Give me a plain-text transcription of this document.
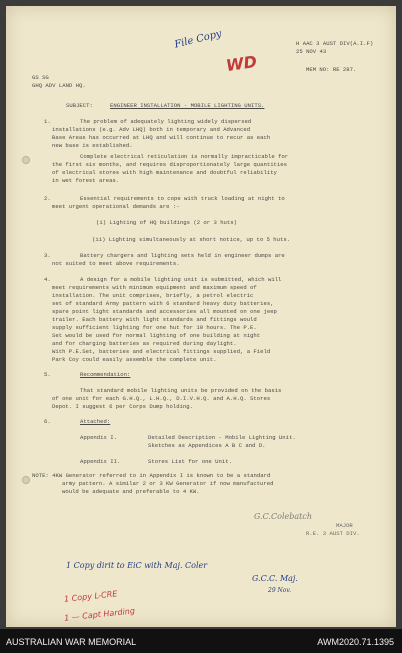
File Copy
WD
H AAC 3 AUST DIV(A.I.F)
25 NOV 43
MEM NO: RE 287.
GS SG
GHQ ADV LAND HQ.
SUBJECT:	ENGINEER INSTALLATION - MOBILE LIGHTING UNITS.
1.	The problem of adequately lighting widely dispersed
installations (e.g. Adv LHQ) both in temporary and Advanced
Base Areas has occurred at LHQ and will continue to recur as each
new base is established.
Complete electrical reticulation is normally impracticable for
the first six months, and requires disproportionately large quantities
of electrical stores with high maintenance and doubtful reliability
in wet forest areas.
2.	Essential requirements to cope with truck loading at night to
meet urgent operational demands are :-
(i) Lighting of HQ buildings (2 or 3 huts)
(ii) Lighting simultaneously at short notice, up to 5 huts.
3.	Battery chargers and lighting sets held in engineer dumps are
not suited to meet above requirements.
4.	A design for a mobile lighting unit is submitted, which will
meet requirements with minimum equipment and maximum speed of
installation. The unit comprises, briefly, a petrol electric
set of standard Army pattern with 6 standard heavy duty batteries,
spare point light standards and accessories all mounted on one jeep
trailer. Each battery with light standards and fittings would
supply sufficient lighting for one hut for 10 hours. The P.E.
Set would be used for normal lighting of one building at night
and for charging batteries as required during daylight.
With P.E.Set, batteries and electrical fittings supplied, a Field
Park Coy could easily assemble the complete unit.
5.	Recommendation:
That standard mobile lighting units be provided on the basis
of one unit for each G.H.Q., L.H.Q., D.I.V.H.Q. and A.H.Q. Stores
Depot. I suggest 6 per Corps Dump holding.
6.	Attached:
Appendix I.	Detailed Description - Mobile Lighting Unit.
Sketches as Appendices A B C and D.
Appendix II.	Stores List for one Unit.
NOTE: 4KW Generator referred to in Appendix I is known to be a standard
army pattern. A similar 2 or 3 KW Generator if now manufactured
would be adequate and preferable to 4 KW.
G.C.Colebatch
MAJOR
R.E. 3 AUST DIV.
1 Copy dirit to EiC with Maj. Coler
G.C.C. Maj.
29 Nov.
1 Copy L-CRE
1 — Capt Harding
AUSTRALIAN WAR MEMORIAL	AWM2020.71.1395
